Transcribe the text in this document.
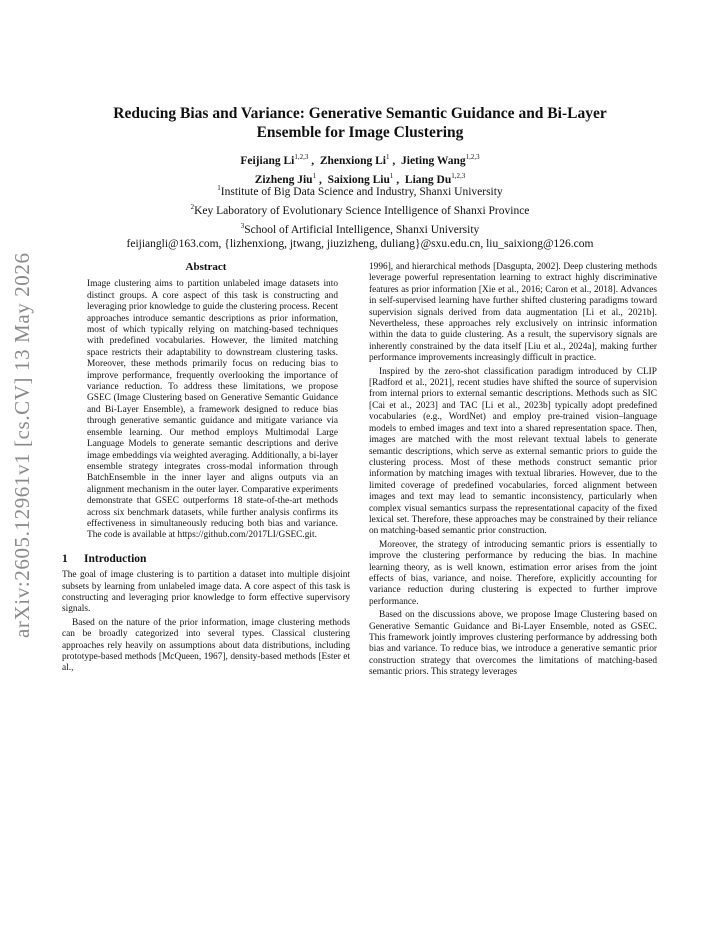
arXiv:2605.12961v1 [cs.CV] 13 May 2026
Reducing Bias and Variance: Generative Semantic Guidance and Bi-Layer
Ensemble for Image Clustering
Feijiang Li$^{1,2,3}$ ,  Zhenxiong Li$^1$ ,  Jieting Wang$^{1,2,3}$
Zizheng Jiu$^1$ ,  Saixiong Liu$^1$ ,  Liang Du$^{1,2,3}$
$^1$Institute of Big Data Science and Industry, Shanxi University
$^2$Key Laboratory of Evolutionary Science Intelligence of Shanxi Province
$^3$School of Artificial Intelligence, Shanxi University
feijiangli@163.com, {lizhenxiong, jtwang, jiuzizheng, duliang}@sxu.edu.cn, liu_saixiong@126.com
Abstract
Image clustering aims to partition unlabeled image datasets into distinct groups. A core aspect of this task is constructing and leveraging prior knowledge to guide the clustering process. Recent approaches introduce semantic descriptions as prior information, most of which typically relying on matching-based techniques with predefined vocabularies. However, the limited matching space restricts their adaptability to downstream clustering tasks. Moreover, these methods primarily focus on reducing bias to improve performance, frequently overlooking the importance of variance reduction. To address these limitations, we propose GSEC (Image Clustering based on Generative Semantic Guidance and Bi-Layer Ensemble), a framework designed to reduce bias through generative semantic guidance and mitigate variance via ensemble learning. Our method employs Multimodal Large Language Models to generate semantic descriptions and derive image embeddings via weighted averaging. Additionally, a bi-layer ensemble strategy integrates cross-modal information through BatchEnsemble in the inner layer and aligns outputs via an alignment mechanism in the outer layer. Comparative experiments demonstrate that GSEC outperforms 18 state-of-the-art methods across six benchmark datasets, while further analysis confirms its effectiveness in simultaneously reducing both bias and variance. The code is available at https://github.com/2017LI/GSEC.git.
1 Introduction

The goal of image clustering is to partition a dataset into multiple disjoint subsets by learning from unlabeled image data. A core aspect of this task is constructing and leveraging prior knowledge to form effective supervisory signals.

Based on the nature of the prior information, image clustering methods can be broadly categorized into several types. Classical clustering approaches rely heavily on assumptions about data distributions, including prototype-based methods [McQueen, 1967], density-based methods [Ester et al.,

1996], and hierarchical methods [Dasgupta, 2002]. Deep clustering methods leverage powerful representation learning to extract highly discriminative features as prior information [Xie et al., 2016; Caron et al., 2018]. Advances in self-supervised learning have further shifted clustering paradigms toward supervision signals derived from data augmentation [Li et al., 2021b]. Nevertheless, these approaches rely exclusively on intrinsic information within the data to guide clustering. As a result, the supervisory signals are inherently constrained by the data itself [Liu et al., 2024a], making further performance improvements increasingly difficult in practice.

Inspired by the zero-shot classification paradigm introduced by CLIP [Radford et al., 2021], recent studies have shifted the source of supervision from internal priors to external semantic descriptions. Methods such as SIC [Cai et al., 2023] and TAC [Li et al., 2023b] typically adopt predefined vocabularies (e.g., WordNet) and employ pre-trained vision–language models to embed images and text into a shared representation space. Then, images are matched with the most relevant textual labels to generate semantic descriptions, which serve as external semantic priors to guide the clustering process. Most of these methods construct semantic prior information by matching images with textual libraries. However, due to the limited coverage of predefined vocabularies, forced alignment between images and text may lead to semantic inconsistency, particularly when complex visual semantics surpass the representational capacity of the fixed lexical set. Therefore, these approaches may be constrained by their reliance on matching-based semantic prior construction.

Moreover, the strategy of introducing semantic priors is essentially to improve the clustering performance by reducing the bias. In machine learning theory, as is well known, estimation error arises from the joint effects of bias, variance, and noise. Therefore, explicitly accounting for variance reduction during clustering is expected to further improve performance.

Based on the discussions above, we propose Image Clustering based on Generative Semantic Guidance and Bi-Layer Ensemble, noted as GSEC. This framework jointly improves clustering performance by addressing both bias and variance. To reduce bias, we introduce a generative semantic prior construction strategy that overcomes the limitations of matching-based semantic priors. This strategy leverages
